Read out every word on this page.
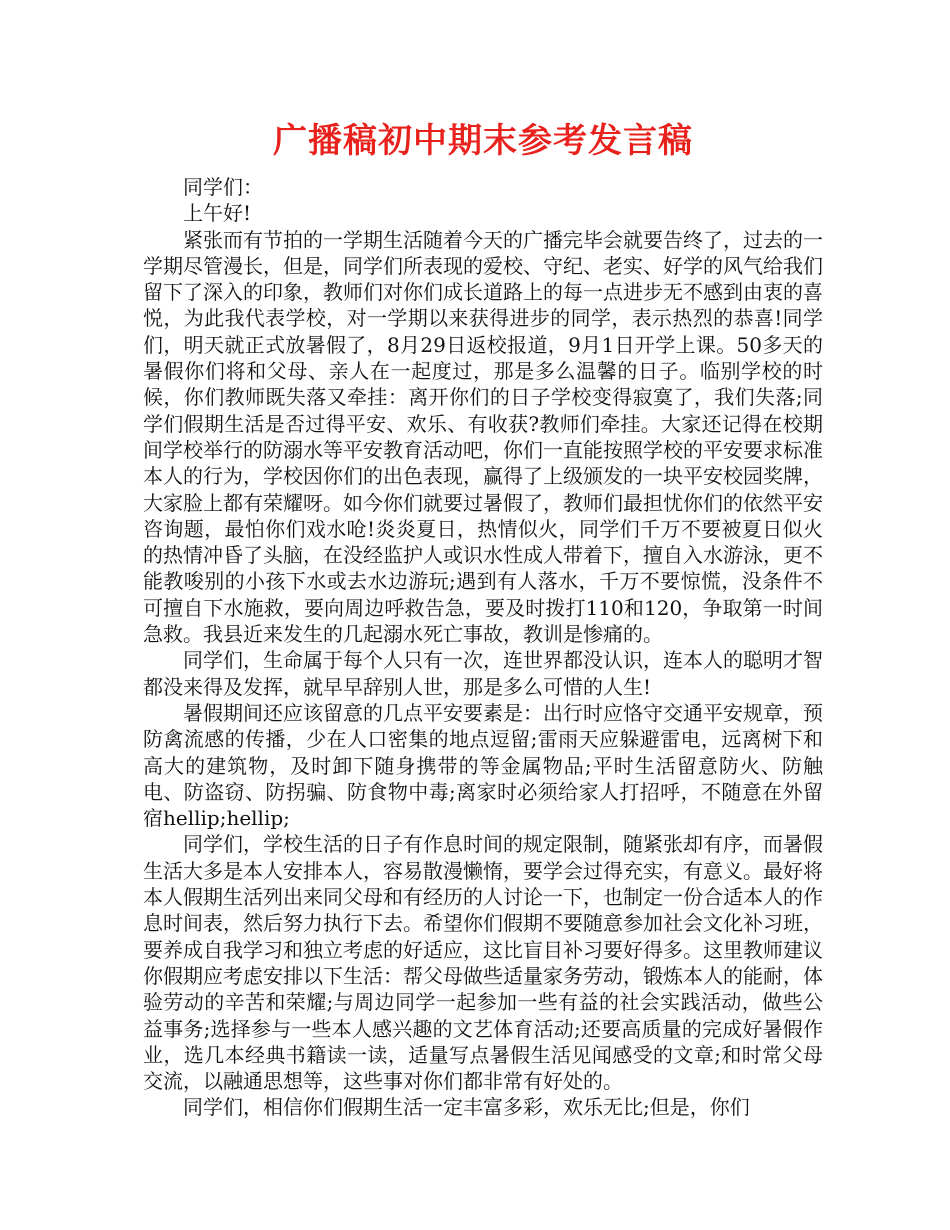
广播稿初中期末参考发言稿

同学们：

上午好!

紧张而有节拍的一学期生活随着今天的广播完毕会就要告终了，过去的一学期尽管漫长，但是，同学们所表现的爱校、守纪、老实、好学的风气给我们留下了深入的印象，教师们对你们成长道路上的每一点进步无不感到由衷的喜悦，为此我代表学校，对一学期以来获得进步的同学，表示热烈的恭喜!同学们，明天就正式放暑假了，8月29日返校报道，9月1日开学上课。50多天的暑假你们将和父母、亲人在一起度过，那是多么温馨的日子。临别学校的时候，你们教师既失落又牵挂：离开你们的日子学校变得寂寞了，我们失落;同学们假期生活是否过得平安、欢乐、有收获?教师们牵挂。大家还记得在校期间学校举行的防溺水等平安教育活动吧，你们一直能按照学校的平安要求标准本人的行为，学校因你们的出色表现，赢得了上级颁发的一块平安校园奖牌，大家脸上都有荣耀呀。如今你们就要过暑假了，教师们最担忧你们的依然平安咨询题，最怕你们戏水呛!炎炎夏日，热情似火，同学们千万不要被夏日似火的热情冲昏了头脑，在没经监护人或识水性成人带着下，擅自入水游泳，更不能教唆别的小孩下水或去水边游玩;遇到有人落水，千万不要惊慌，没条件不可擅自下水施救，要向周边呼救告急，要及时拨打110和120，争取第一时间急救。我县近来发生的几起溺水死亡事故，教训是惨痛的。

同学们，生命属于每个人只有一次，连世界都没认识，连本人的聪明才智都没来得及发挥，就早早辞别人世，那是多么可惜的人生!

暑假期间还应该留意的几点平安要素是：出行时应恪守交通平安规章，预防禽流感的传播，少在人口密集的地点逗留;雷雨天应躲避雷电，远离树下和高大的建筑物，及时卸下随身携带的等金属物品;平时生活留意防火、防触电、防盗窃、防拐骗、防食物中毒;离家时必须给家人打招呼，不随意在外留宿hellip;hellip;

同学们，学校生活的日子有作息时间的规定限制，随紧张却有序，而暑假生活大多是本人安排本人，容易散漫懒惰，要学会过得充实，有意义。最好将本人假期生活列出来同父母和有经历的人讨论一下，也制定一份合适本人的作息时间表，然后努力执行下去。希望你们假期不要随意参加社会文化补习班，要养成自我学习和独立考虑的好适应，这比盲目补习要好得多。这里教师建议你假期应考虑安排以下生活：帮父母做些适量家务劳动，锻炼本人的能耐，体验劳动的辛苦和荣耀;与周边同学一起参加一些有益的社会实践活动，做些公益事务;选择参与一些本人感兴趣的文艺体育活动;还要高质量的完成好暑假作业，选几本经典书籍读一读，适量写点暑假生活见闻感受的文章;和时常父母交流，以融通思想等，这些事对你们都非常有好处的。

同学们，相信你们假期生活一定丰富多彩，欢乐无比;但是，你们
